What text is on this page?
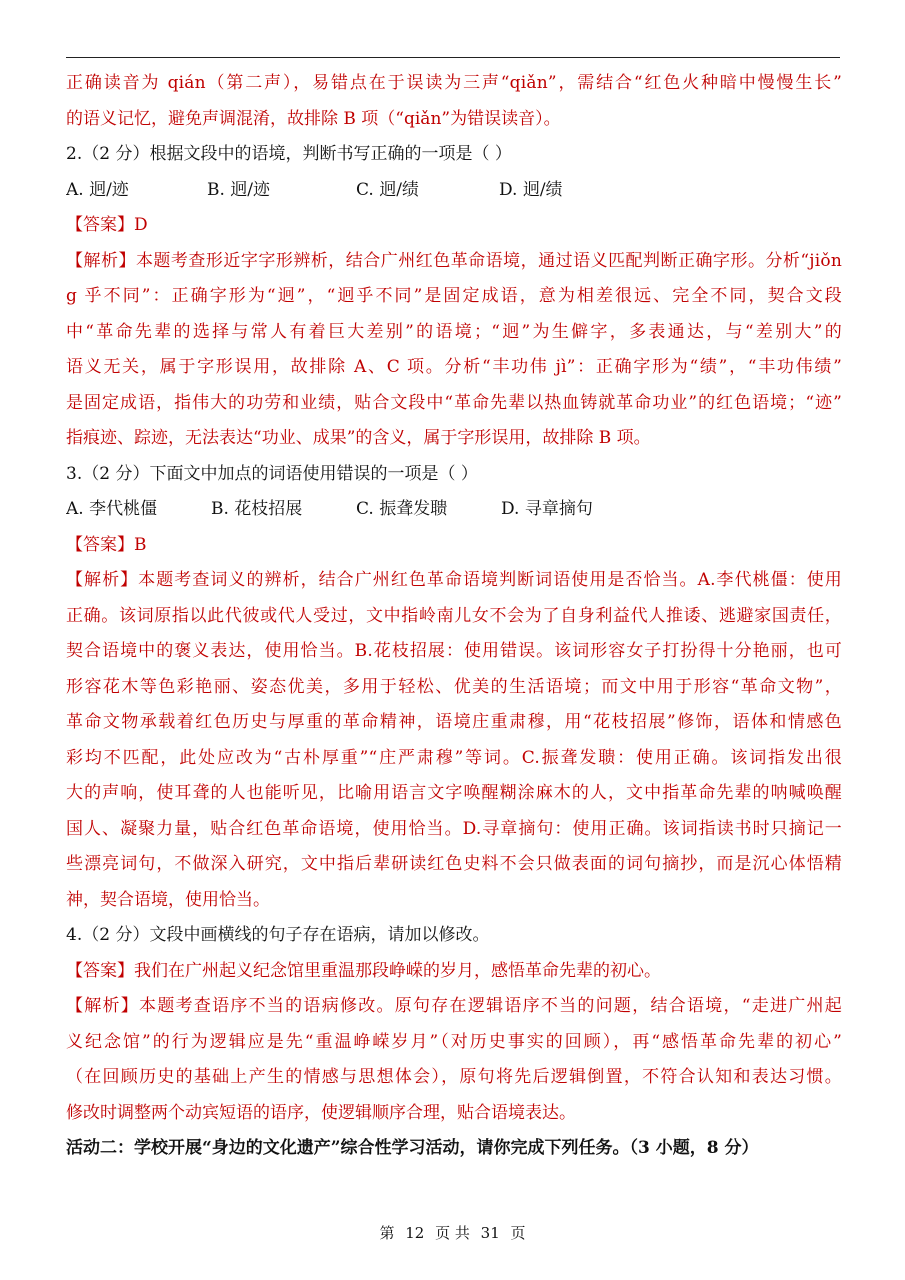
正确读音为 qián（第二声），易错点在于误读为三声“qiǎn”，需结合“红色火种暗中慢慢生长”
的语义记忆，避免声调混淆，故排除 B 项（“qiǎn”为错误读音）。
2.（2 分）根据文段中的语境，判断书写正确的一项是（ ）
A. 迥/迹	B. 迥/迹	C. 迥/绩	D. 迥/绩
【答案】D
【解析】本题考查形近字字形辨析，结合广州红色革命语境，通过语义匹配判断正确字形。分析“jiǒn
g 乎不同”：正确字形为“迥”，“迥乎不同”是固定成语，意为相差很远、完全不同，契合文段
中“革命先辈的选择与常人有着巨大差别”的语境；“迥”为生僻字，多表通达，与“差别大”的
语义无关，属于字形误用，故排除 A、C 项。分析“丰功伟 jì”：正确字形为“绩”，“丰功伟绩”
是固定成语，指伟大的功劳和业绩，贴合文段中“革命先辈以热血铸就革命功业”的红色语境；“迹”
指痕迹、踪迹，无法表达“功业、成果”的含义，属于字形误用，故排除 B 项。
3.（2 分）下面文中加点的词语使用错误的一项是（ ）
A. 李代桃僵	B. 花枝招展	C. 振聋发聩	D. 寻章摘句
【答案】B
【解析】本题考查词义的辨析，结合广州红色革命语境判断词语使用是否恰当。A.李代桃僵：使用
正确。该词原指以此代彼或代人受过，文中指岭南儿女不会为了自身利益代人推诿、逃避家国责任，
契合语境中的褒义表达，使用恰当。B.花枝招展：使用错误。该词形容女子打扮得十分艳丽，也可
形容花木等色彩艳丽、姿态优美，多用于轻松、优美的生活语境；而文中用于形容“革命文物”，
革命文物承载着红色历史与厚重的革命精神，语境庄重肃穆，用“花枝招展”修饰，语体和情感色
彩均不匹配，此处应改为“古朴厚重”“庄严肃穆”等词。C.振聋发聩：使用正确。该词指发出很
大的声响，使耳聋的人也能听见，比喻用语言文字唤醒糊涂麻木的人，文中指革命先辈的呐喊唤醒
国人、凝聚力量，贴合红色革命语境，使用恰当。D.寻章摘句：使用正确。该词指读书时只摘记一
些漂亮词句，不做深入研究，文中指后辈研读红色史料不会只做表面的词句摘抄，而是沉心体悟精
神，契合语境，使用恰当。
4.（2 分）文段中画横线的句子存在语病，请加以修改。
【答案】我们在广州起义纪念馆里重温那段峥嵘的岁月，感悟革命先辈的初心。
【解析】本题考查语序不当的语病修改。原句存在逻辑语序不当的问题，结合语境，“走进广州起
义纪念馆”的行为逻辑应是先“重温峥嵘岁月”（对历史事实的回顾），再“感悟革命先辈的初心”
（在回顾历史的基础上产生的情感与思想体会），原句将先后逻辑倒置，不符合认知和表达习惯。
修改时调整两个动宾短语的语序，使逻辑顺序合理，贴合语境表达。
活动二：学校开展“身边的文化遗产”综合性学习活动，请你完成下列任务。（3 小题，8 分）
第 12 页 共 31 页
